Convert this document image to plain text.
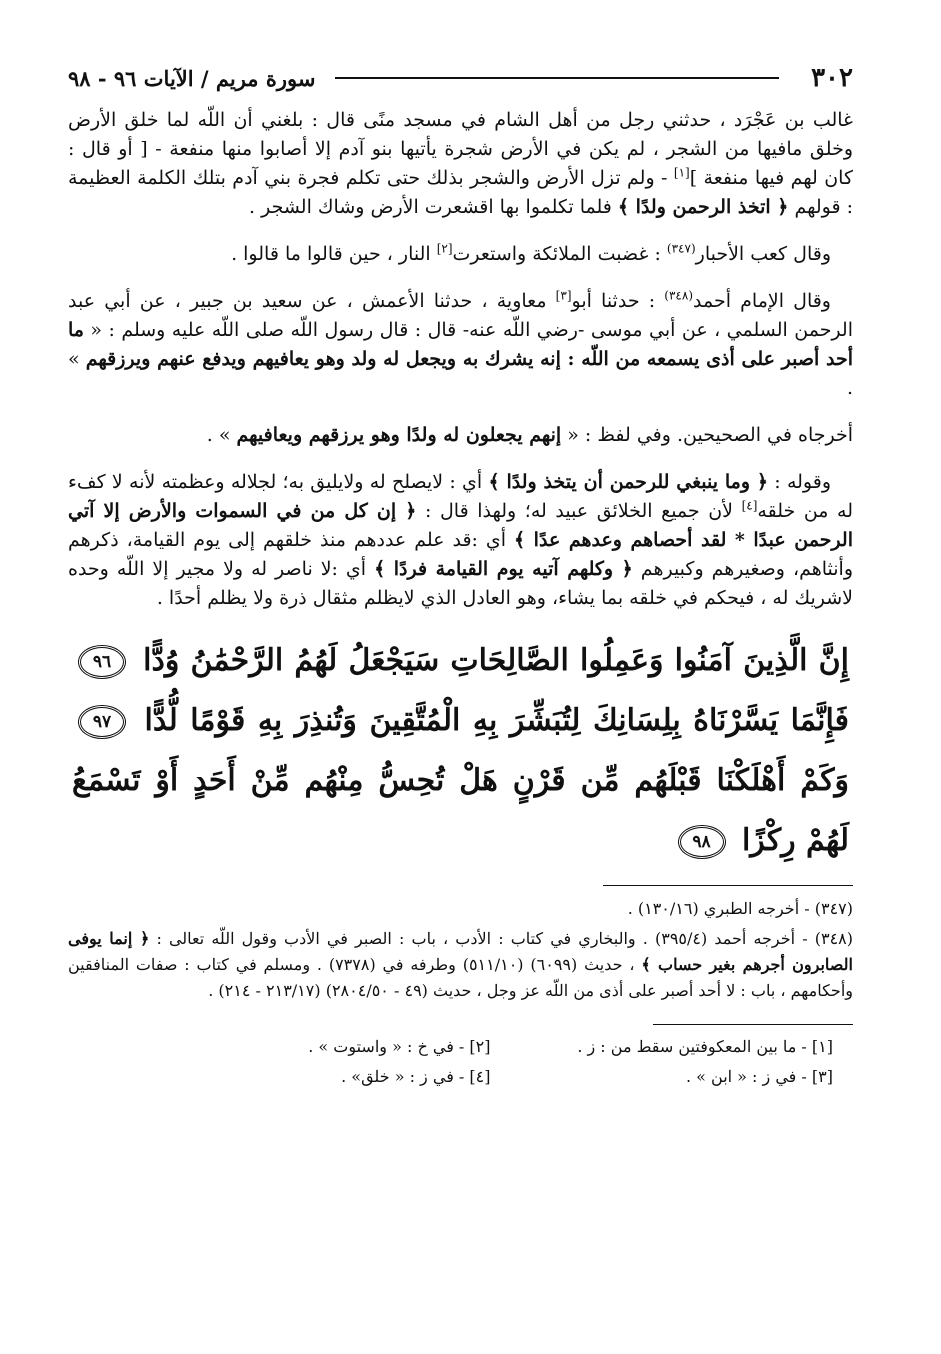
٣٠٢
سورة مريم / الآيات ٩٦ - ٩٨

غالب بن عَجْرَد ، حدثني رجل من أهل الشام في مسجد منًى قال : بلغني أن اللّه لما خلق الأرض وخلق مافيها من الشجر ، لم يكن في الأرض شجرة يأتيها بنو آدم إلا أصابوا منها منفعة - [ أو قال : كان لهم فيها منفعة ][١] - ولم تزل الأرض والشجر بذلك حتى تكلم فجرة بني آدم بتلك الكلمة العظيمة : قولهم ﴿ اتخذ الرحمن ولدًا ﴾ فلما تكلموا بها اقشعرت الأرض وشاك الشجر .

وقال كعب الأحبار$^{(٣٤٧)}$ : غضبت الملائكة واستعرت[٢] النار ، حين قالوا ما قالوا .

وقال الإمام أحمد$^{(٣٤٨)}$ : حدثنا أبو[٣] معاوية ، حدثنا الأعمش ، عن سعيد بن جبير ، عن أبي عبد الرحمن السلمي ، عن أبي موسى -رضي اللّه عنه- قال : قال رسول اللّه صلى اللّه عليه وسلم : « ما أحد أصبر على أذى يسمعه من اللّه : إنه يشرك به ويجعل له ولد وهو يعافيهم ويدفع عنهم ويرزقهم » .

أخرجاه في الصحيحين. وفي لفظ : « إنهم يجعلون له ولدًا وهو يرزقهم ويعافيهم » .

وقوله : ﴿ وما ينبغي للرحمن أن يتخذ ولدًا ﴾ أي : لايصلح له ولايليق به؛ لجلاله وعظمته لأنه لا كفء له من خلقه[٤] لأن جميع الخلائق عبيد له؛ ولهذا قال : ﴿ إن كل من في السموات والأرض إلا آتي الرحمن عبدًا * لقد أحصاهم وعدهم عدًا ﴾ أي :قد علم عددهم منذ خلقهم إلى يوم القيامة، ذكرهم وأنثاهم، وصغيرهم وكبيرهم ﴿ وكلهم آتيه يوم القيامة فردًا ﴾ أي :لا ناصر له ولا مجير إلا اللّه وحده لاشريك له ، فيحكم في خلقه بما يشاء، وهو العادل الذي لايظلم مثقال ذرة ولا يظلم أحدًا .

إِنَّ الَّذِينَ آمَنُوا وَعَمِلُوا الصَّالِحَاتِ سَيَجْعَلُ لَهُمُ الرَّحْمَٰنُ وُدًّا ٩٦ فَإِنَّمَا يَسَّرْنَاهُ بِلِسَانِكَ لِتُبَشِّرَ بِهِ الْمُتَّقِينَ وَتُنذِرَ بِهِ قَوْمًا لُّدًّا ٩٧ وَكَمْ أَهْلَكْنَا قَبْلَهُم مِّن قَرْنٍ هَلْ تُحِسُّ مِنْهُم مِّنْ أَحَدٍ أَوْ تَسْمَعُ لَهُمْ رِكْزًا ٩٨

(٣٤٧) - أخرجه الطبري (١٣٠/١٦) .

(٣٤٨) - أخرجه أحمد (٣٩٥/٤) . والبخاري في كتاب : الأدب ، باب : الصبر في الأدب وقول اللّه تعالى : ﴿ إنما يوفى الصابرون أجرهم بغير حساب ﴾ ، حديث (٦٠٩٩) (٥١١/١٠) وطرفه في (٧٣٧٨) . ومسلم في كتاب : صفات المنافقين وأحكامهم ، باب : لا أحد أصبر على أذى من اللّه عز وجل ، حديث (٤٩ - ٢٨٠٤/٥٠) (٢١٣/١٧ - ٢١٤) .

[١] - ما بين المعكوفتين سقط من : ز .
[٢] - في خ : « واستوت » .
[٣] - في ز : « ابن » .
[٤] - في ز : « خلق» .
